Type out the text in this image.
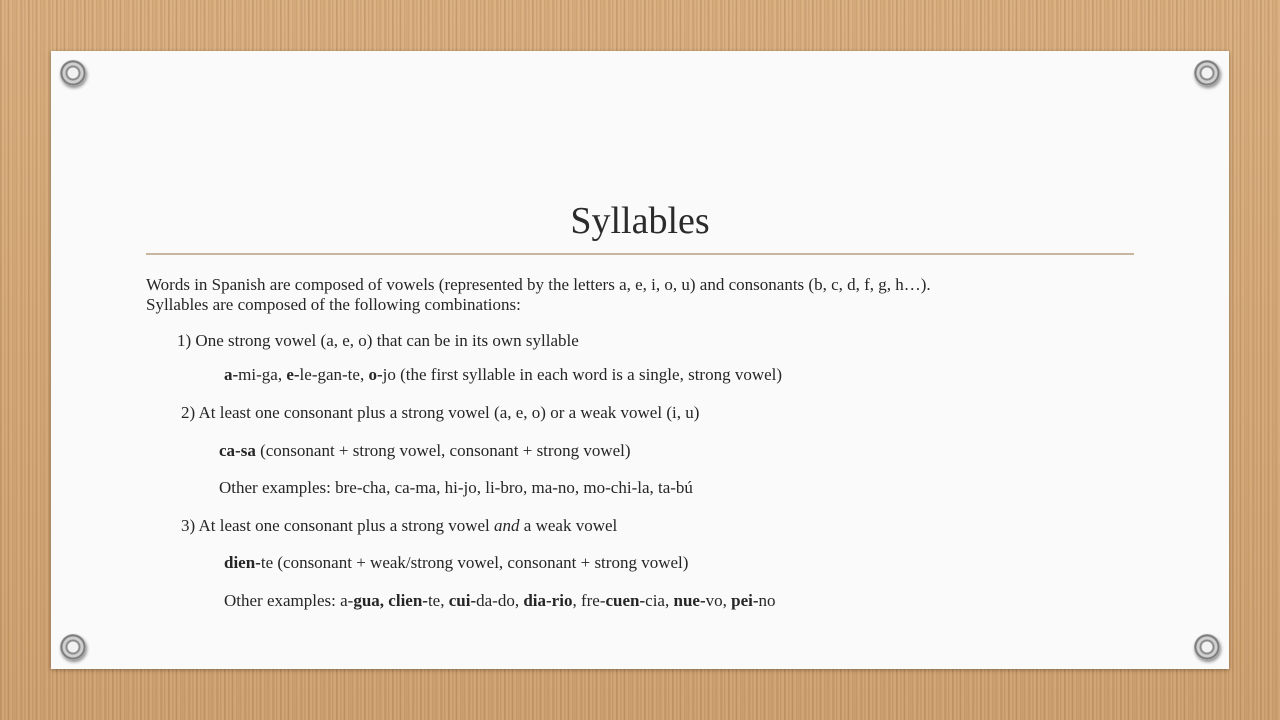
Syllables

Words in Spanish are composed of vowels (represented by the letters a, e, i, o, u) and consonants (b, c, d, f, g, h…).

Syllables are composed of the following combinations:

1) One strong vowel (a, e, o) that can be in its own syllable

a-mi-ga, e-le-gan-te, o-jo (the first syllable in each word is a single, strong vowel)

2) At least one consonant plus a strong vowel (a, e, o) or a weak vowel (i, u)

ca-sa (consonant + strong vowel, consonant + strong vowel)

Other examples: bre-cha, ca-ma, hi-jo, li-bro, ma-no, mo-chi-la, ta-bú

3) At least one consonant plus a strong vowel and a weak vowel

dien-te (consonant + weak/strong vowel, consonant + strong vowel)

Other examples: a-gua, clien-te, cui-da-do, dia-rio, fre-cuen-cia, nue-vo, pei-no
